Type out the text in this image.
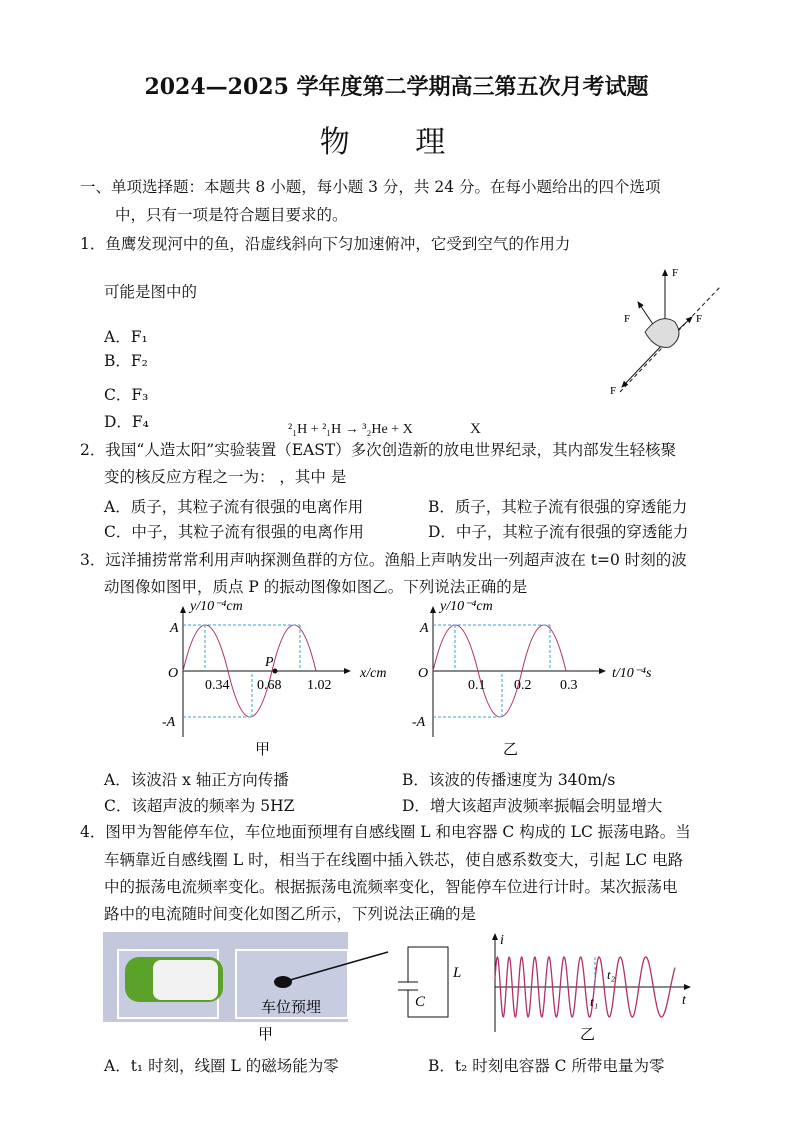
2024—2025 学年度第二学期高三第五次月考试题
物 理
一、单项选择题：本题共 8 小题，每小题 3 分，共 24 分。在每小题给出的四个选项
中，只有一项是符合题目要求的。
1．鱼鹰发现河中的鱼，沿虚线斜向下匀加速俯冲，它受到空气的作用力
可能是图中的
A．F₁
B．F₂
C．F₃
D．F₄
F
F	F
F
²₁H + ²₁H → ³₂He + X	X
2．我国“人造太阳”实验装置（EAST）多次创造新的放电世界纪录，其内部发生轻核聚
变的核反应方程之一为： ，其中 是
A．质子，其粒子流有很强的电离作用	B．质子，其粒子流有很强的穿透能力
C．中子，其粒子流有很强的电离作用	D．中子，其粒子流有很强的穿透能力
3．远洋捕捞常常利用声呐探测鱼群的方位。渔船上声呐发出一列超声波在 t=0 时刻的波
动图像如图甲，质点 P 的振动图像如图乙。下列说法正确的是
y/10⁻⁴cm
A
-A
O
P
x/cm
0.34 0.68 1.02
甲
y/10⁻⁴cm
A
-A
O	t/10⁻⁴s
0.1 0.2 0.3
乙
A．该波沿 x 轴正方向传播	B．该波的传播速度为 340m/s
C．该超声波的频率为 5HZ	D．增大该超声波频率振幅会明显增大
4．图甲为智能停车位，车位地面预埋有自感线圈 L 和电容器 C 构成的 LC 振荡电路。当
车辆靠近自感线圈 L 时，相当于在线圈中插入铁芯，使自感系数变大，引起 LC 电路
中的振荡电流频率变化。根据振荡电流频率变化，智能停车位进行计时。某次振荡电
路中的电流随时间变化如图乙所示，下列说法正确的是
车位预埋	C
L
甲
i
t
t₁
t₂
乙
A．t₁ 时刻，线圈 L 的磁场能为零	B．t₂ 时刻电容器 C 所带电量为零
